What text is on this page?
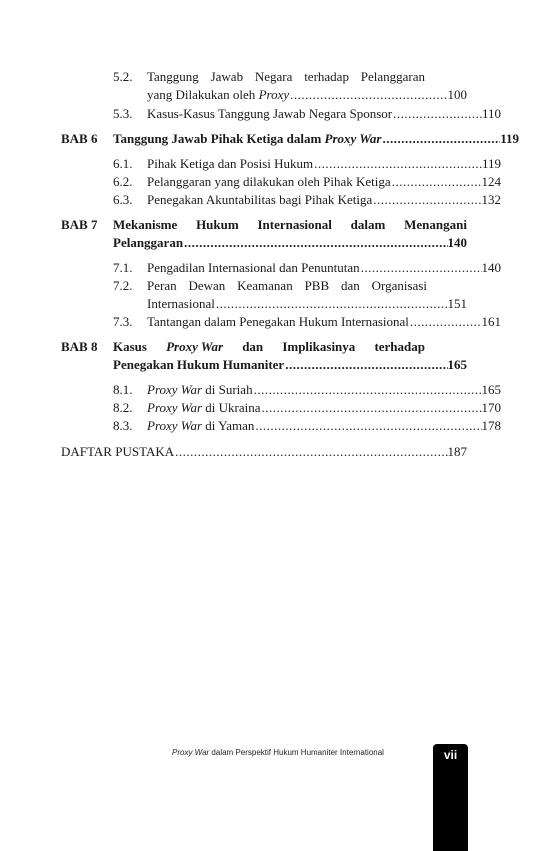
5.2. Tanggung Jawab Negara terhadap Pelanggaran
yang Dilakukan oleh Proxy .....	100
5.3. Kasus-Kasus Tanggung Jawab Negara Sponsor .....	110
BAB 6 Tanggung Jawab Pihak Ketiga dalam Proxy War .....	119
6.1. Pihak Ketiga dan Posisi Hukum .....	119
6.2. Pelanggaran yang dilakukan oleh Pihak Ketiga .....	124
6.3. Penegakan Akuntabilitas bagi Pihak Ketiga .....	132
BAB 7 Mekanisme Hukum Internasional dalam Menangani
Pelanggaran .....	140
7.1. Pengadilan Internasional dan Penuntutan .....	140
7.2. Peran Dewan Keamanan PBB dan Organisasi
Internasional .....	151
7.3. Tantangan dalam Penegakan Hukum Internasional .....	161
BAB 8 Kasus Proxy War dan Implikasinya terhadap
Penegakan Hukum Humaniter .....	165
8.1. Proxy War di Suriah .....	165
8.2. Proxy War di Ukraina .....	170
8.3. Proxy War di Yaman .....	178
DAFTAR PUSTAKA .....	187
Proxy War dalam Perspektif Hukum Humaniter International	vii
